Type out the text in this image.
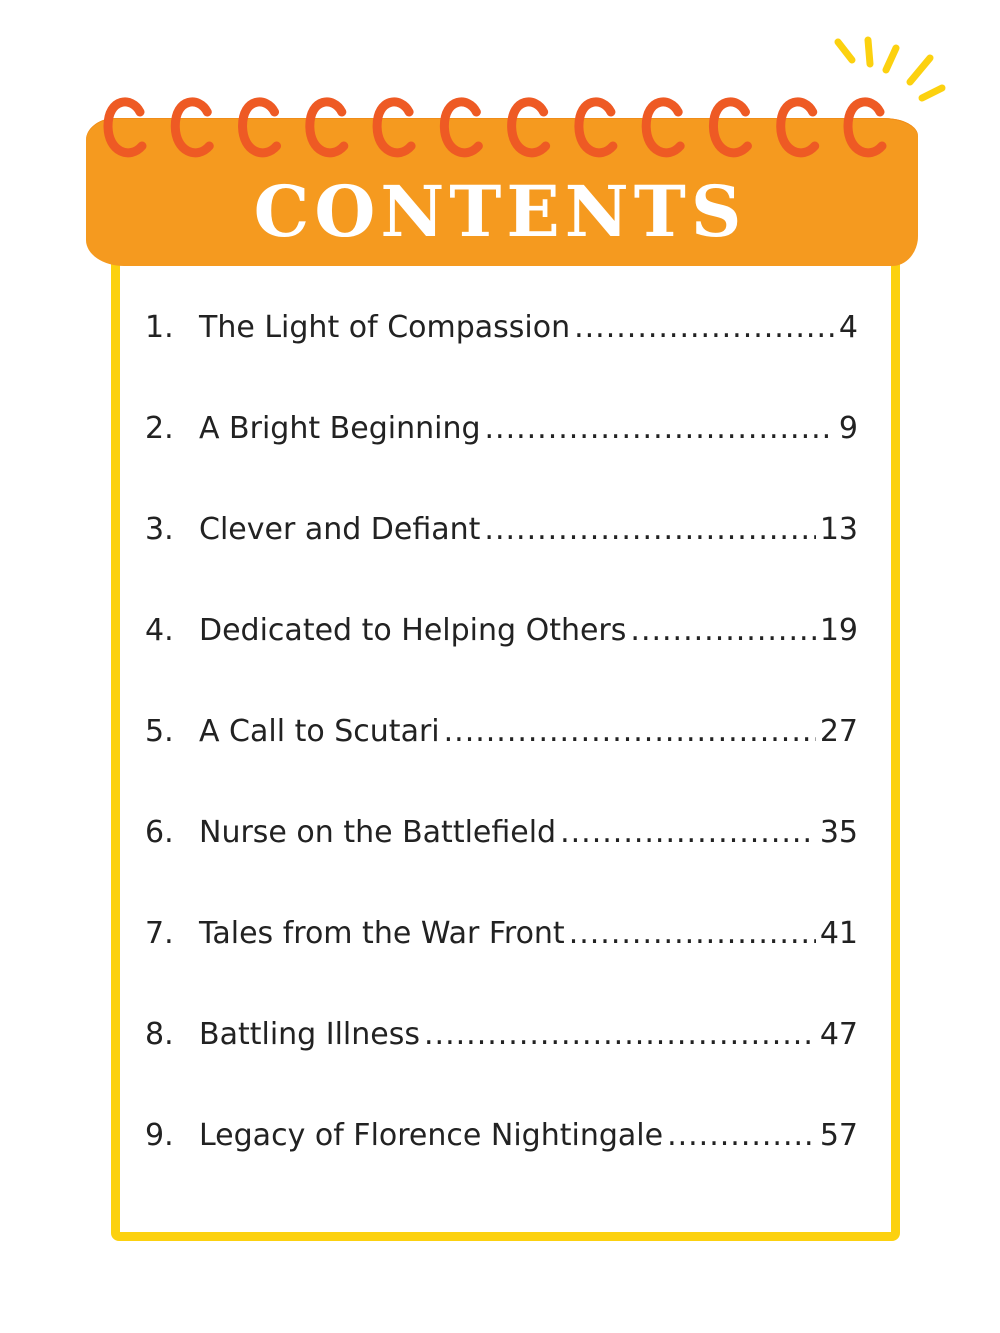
CONTENTS
1. The Light of Compassion .....	4
2. A Bright Beginning .....	9
3. Clever and Defiant .....	13
4. Dedicated to Helping Others .....	19
5. A Call to Scutari .....	27
6. Nurse on the Battlefield .....	35
7. Tales from the War Front .....	41
8. Battling Illness .....	47
9. Legacy of Florence Nightingale .....	57
